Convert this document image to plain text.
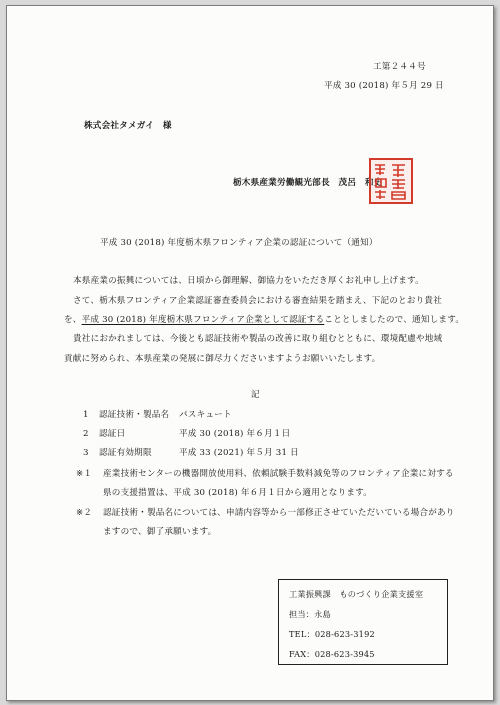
工第２４４号
平成 30 (2018) 年５月 29 日
株式会社タメガイ　様
栃木県産業労働観光部長　茂呂　和史
平成 30 (2018) 年度栃木県フロンティア企業の認証について（通知）
本県産業の振興については、日頃から御理解、御協力をいただき厚くお礼申し上げます。
さて、栃木県フロンティア企業認証審査委員会における審査結果を踏まえ、下記のとおり貴社
を、平成 30 (2018) 年度栃木県フロンティア企業として認証することとしましたので、通知します。
貴社におかれましては、今後とも認証技術や製品の改善に取り組むとともに、環境配慮や地域
貢献に努められ、本県産業の発展に御尽力くださいますようお願いいたします。
記
1 認証技術・製品名 パスキュート
2 認証日	平成 30 (2018) 年６月１日
3 認証有効期限	平成 33 (2021) 年５月 31 日
※１ 産業技術センターの機器開放使用料、依頼試験手数料減免等のフロンティア企業に対する
県の支援措置は、平成 30 (2018) 年６月１日から適用となります。
※２ 認証技術・製品名については、申請内容等から一部修正させていただいている場合があり
ますので、御了承願います。
工業振興課　ものづくり企業支援室
担当：永島
TEL：028-623-3192
FAX：028-623-3945
